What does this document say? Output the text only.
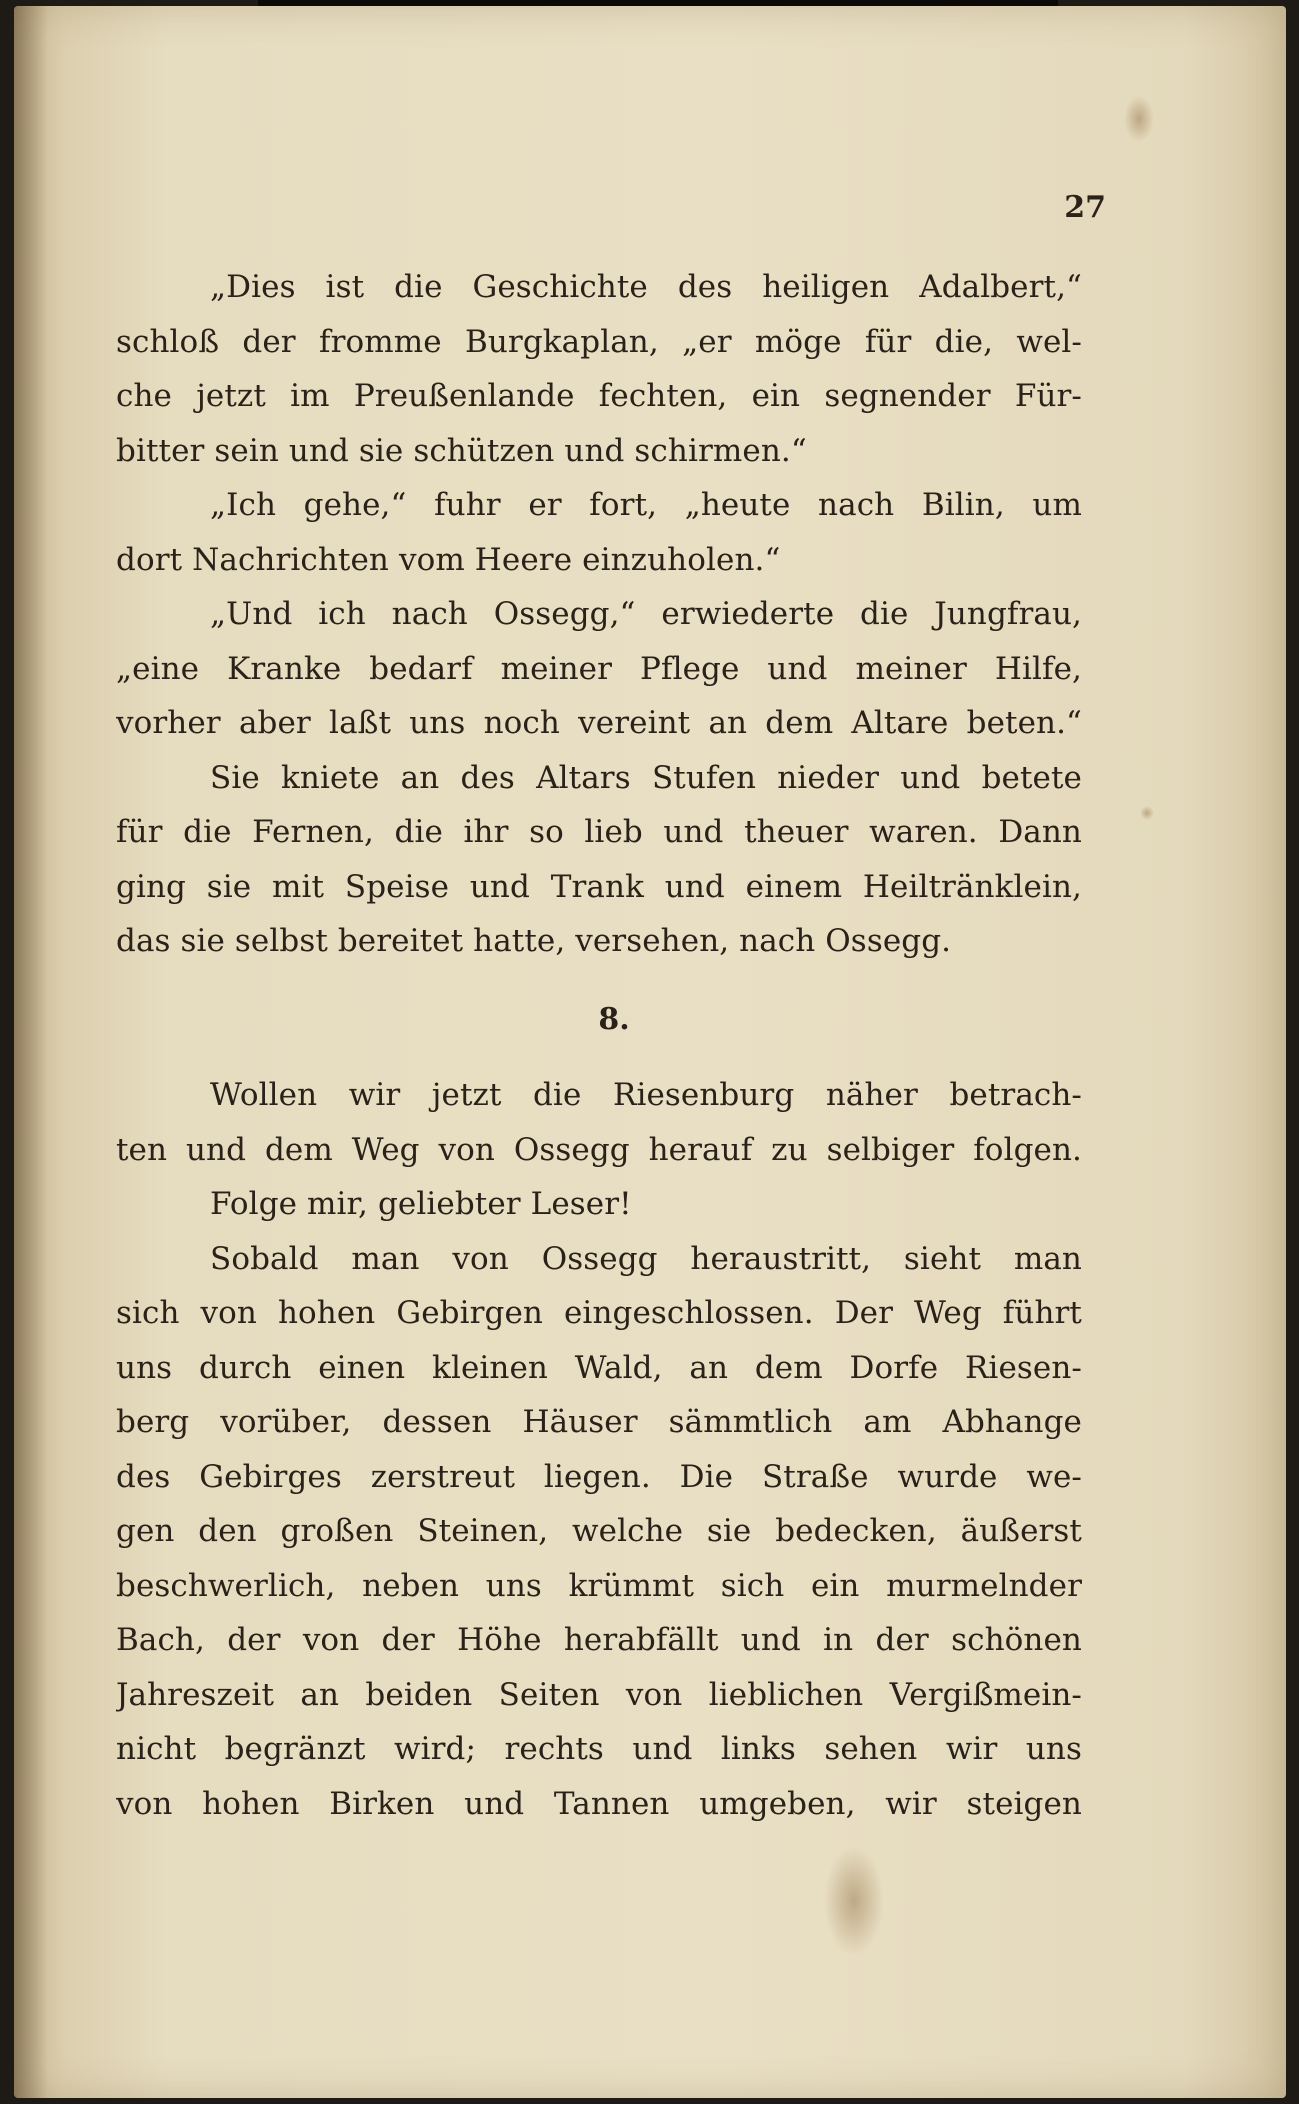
27
„Dies ist die Geschichte des heiligen Adalbert,“
schloß der fromme Burgkaplan, „er möge für die, wel-
che jetzt im Preußenlande fechten, ein segnender Für-
bitter sein und sie schützen und schirmen.“
„Ich gehe,“ fuhr er fort, „heute nach Bilin, um
dort Nachrichten vom Heere einzuholen.“
„Und ich nach Ossegg,“ erwiederte die Jungfrau,
„eine Kranke bedarf meiner Pflege und meiner Hilfe,
vorher aber laßt uns noch vereint an dem Altare beten.“
Sie kniete an des Altars Stufen nieder und betete
für die Fernen, die ihr so lieb und theuer waren. Dann
ging sie mit Speise und Trank und einem Heiltränklein,
das sie selbst bereitet hatte, versehen, nach Ossegg.
8.
Wollen wir jetzt die Riesenburg näher betrach-
ten und dem Weg von Ossegg herauf zu selbiger folgen.
Folge mir, geliebter Leser!
Sobald man von Ossegg heraustritt, sieht man
sich von hohen Gebirgen eingeschlossen. Der Weg führt
uns durch einen kleinen Wald, an dem Dorfe Riesen-
berg vorüber, dessen Häuser sämmtlich am Abhange
des Gebirges zerstreut liegen. Die Straße wurde we-
gen den großen Steinen, welche sie bedecken, äußerst
beschwerlich, neben uns krümmt sich ein murmelnder
Bach, der von der Höhe herabfällt und in der schönen
Jahreszeit an beiden Seiten von lieblichen Vergißmein-
nicht begränzt wird; rechts und links sehen wir uns
von hohen Birken und Tannen umgeben, wir steigen
